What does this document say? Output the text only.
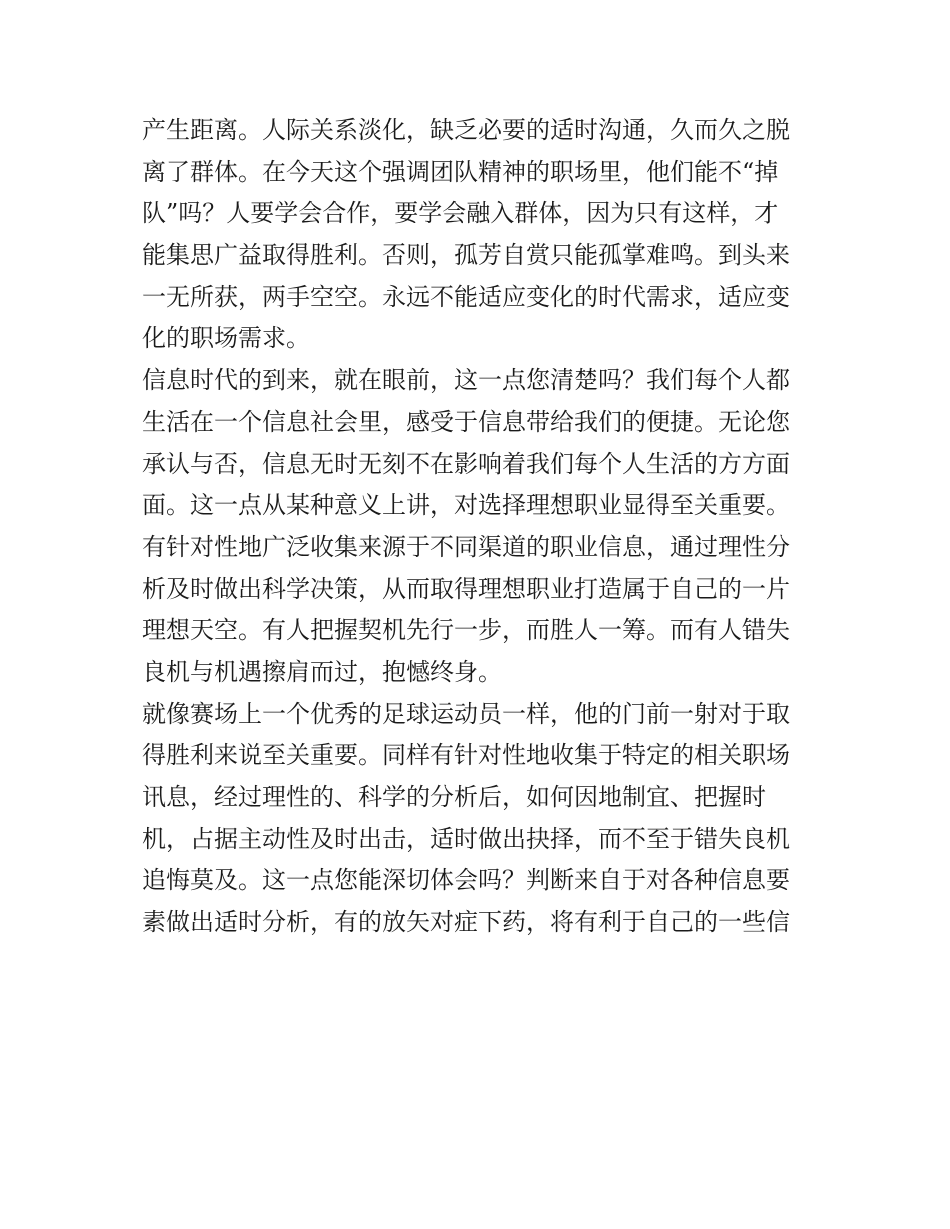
产生距离。人际关系淡化，缺乏必要的适时沟通，久而久之脱
离了群体。在今天这个强调团队精神的职场里，他们能不“掉
队”吗？人要学会合作，要学会融入群体，因为只有这样，才
能集思广益取得胜利。否则，孤芳自赏只能孤掌难鸣。到头来
一无所获，两手空空。永远不能适应变化的时代需求，适应变
化的职场需求。
信息时代的到来，就在眼前，这一点您清楚吗？我们每个人都
生活在一个信息社会里，感受于信息带给我们的便捷。无论您
承认与否，信息无时无刻不在影响着我们每个人生活的方方面
面。这一点从某种意义上讲，对选择理想职业显得至关重要。
有针对性地广泛收集来源于不同渠道的职业信息，通过理性分
析及时做出科学决策，从而取得理想职业打造属于自己的一片
理想天空。有人把握契机先行一步，而胜人一筹。而有人错失
良机与机遇擦肩而过，抱憾终身。
就像赛场上一个优秀的足球运动员一样，他的门前一射对于取
得胜利来说至关重要。同样有针对性地收集于特定的相关职场
讯息，经过理性的、科学的分析后，如何因地制宜、把握时
机，占据主动性及时出击，适时做出抉择，而不至于错失良机
追悔莫及。这一点您能深切体会吗？判断来自于对各种信息要
素做出适时分析，有的放矢对症下药，将有利于自己的一些信
